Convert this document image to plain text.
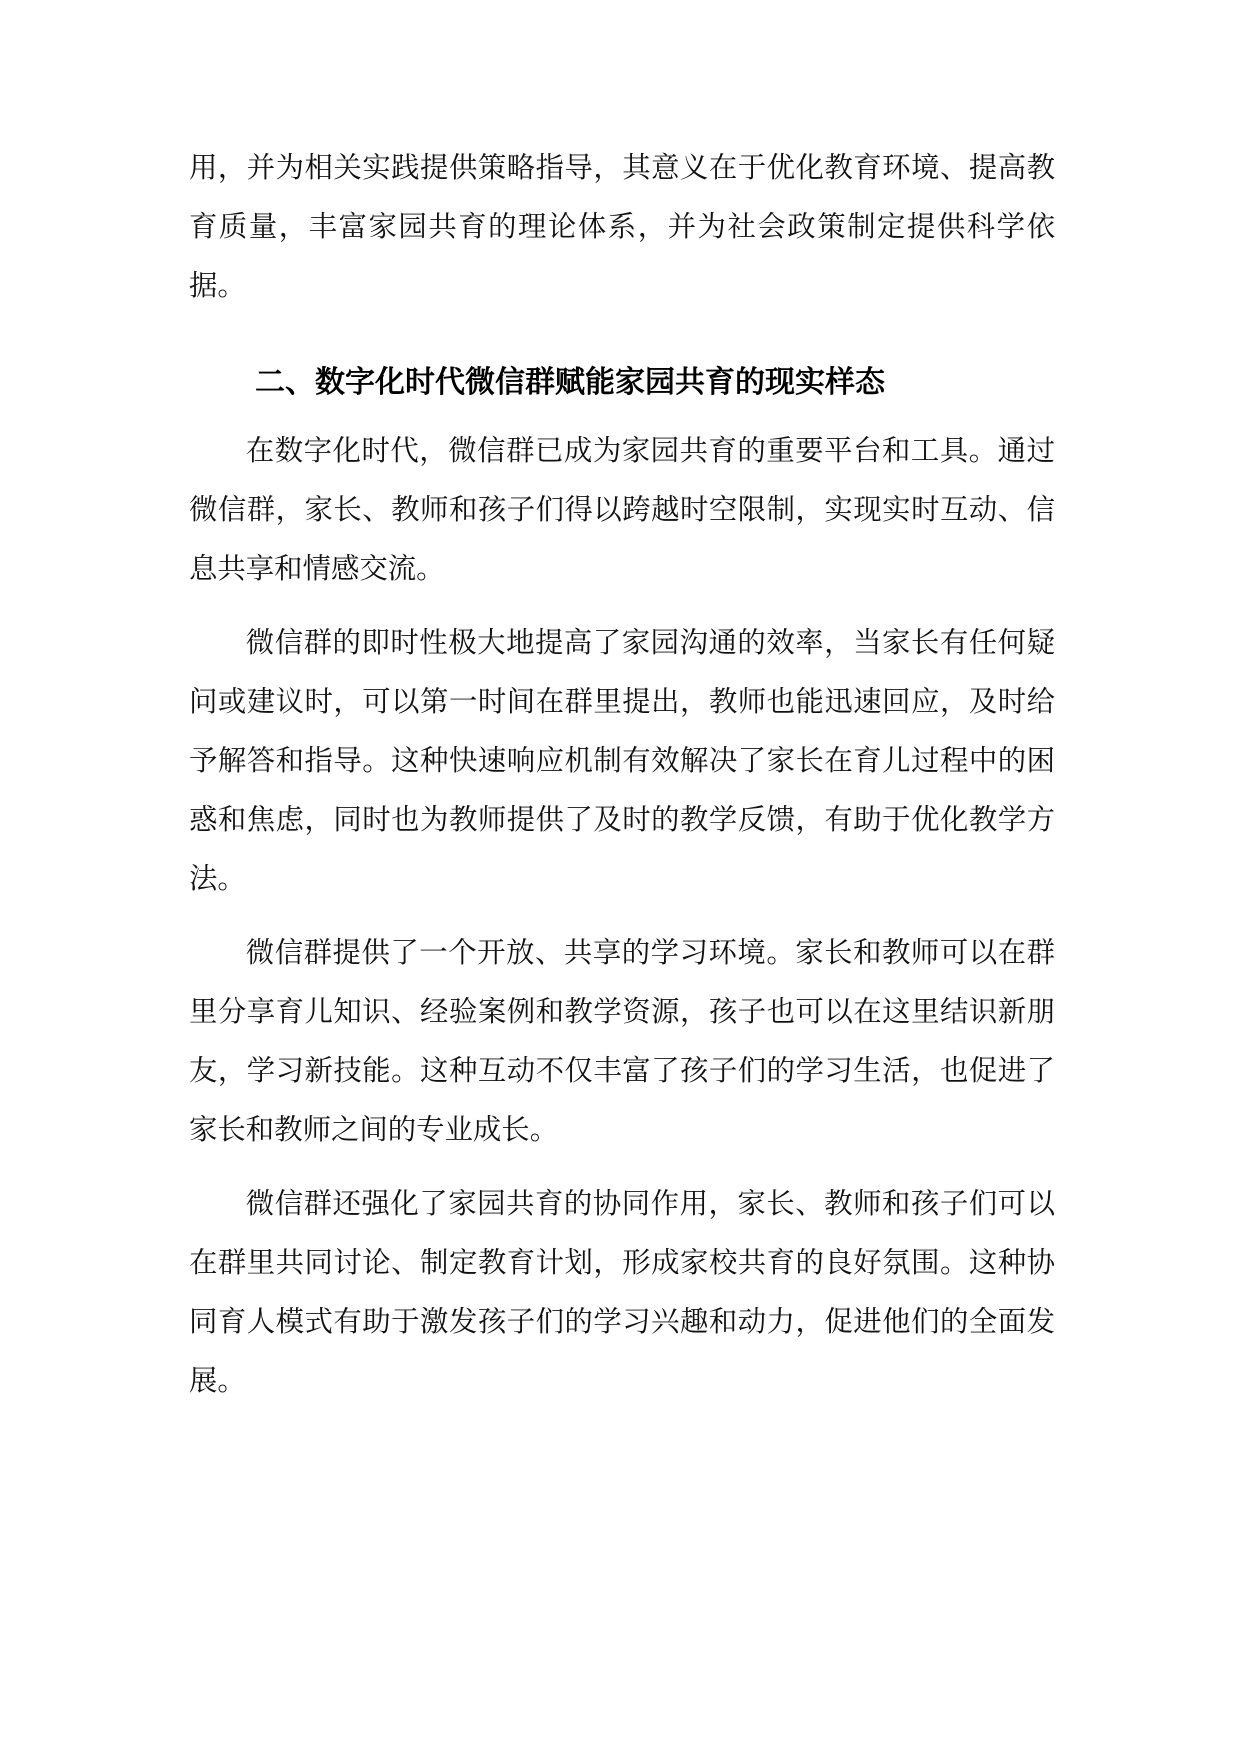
用，并为相关实践提供策略指导，其意义在于优化教育环境、提高教育质量，丰富家园共育的理论体系，并为社会政策制定提供科学依据。

二、数字化时代微信群赋能家园共育的现实样态

在数字化时代，微信群已成为家园共育的重要平台和工具。通过微信群，家长、教师和孩子们得以跨越时空限制，实现实时互动、信息共享和情感交流。

微信群的即时性极大地提高了家园沟通的效率，当家长有任何疑问或建议时，可以第一时间在群里提出，教师也能迅速回应，及时给予解答和指导。这种快速响应机制有效解决了家长在育儿过程中的困惑和焦虑，同时也为教师提供了及时的教学反馈，有助于优化教学方法。

微信群提供了一个开放、共享的学习环境。家长和教师可以在群里分享育儿知识、经验案例和教学资源，孩子也可以在这里结识新朋友，学习新技能。这种互动不仅丰富了孩子们的学习生活，也促进了家长和教师之间的专业成长。

微信群还强化了家园共育的协同作用，家长、教师和孩子们可以在群里共同讨论、制定教育计划，形成家校共育的良好氛围。这种协同育人模式有助于激发孩子们的学习兴趣和动力，促进他们的全面发展。
